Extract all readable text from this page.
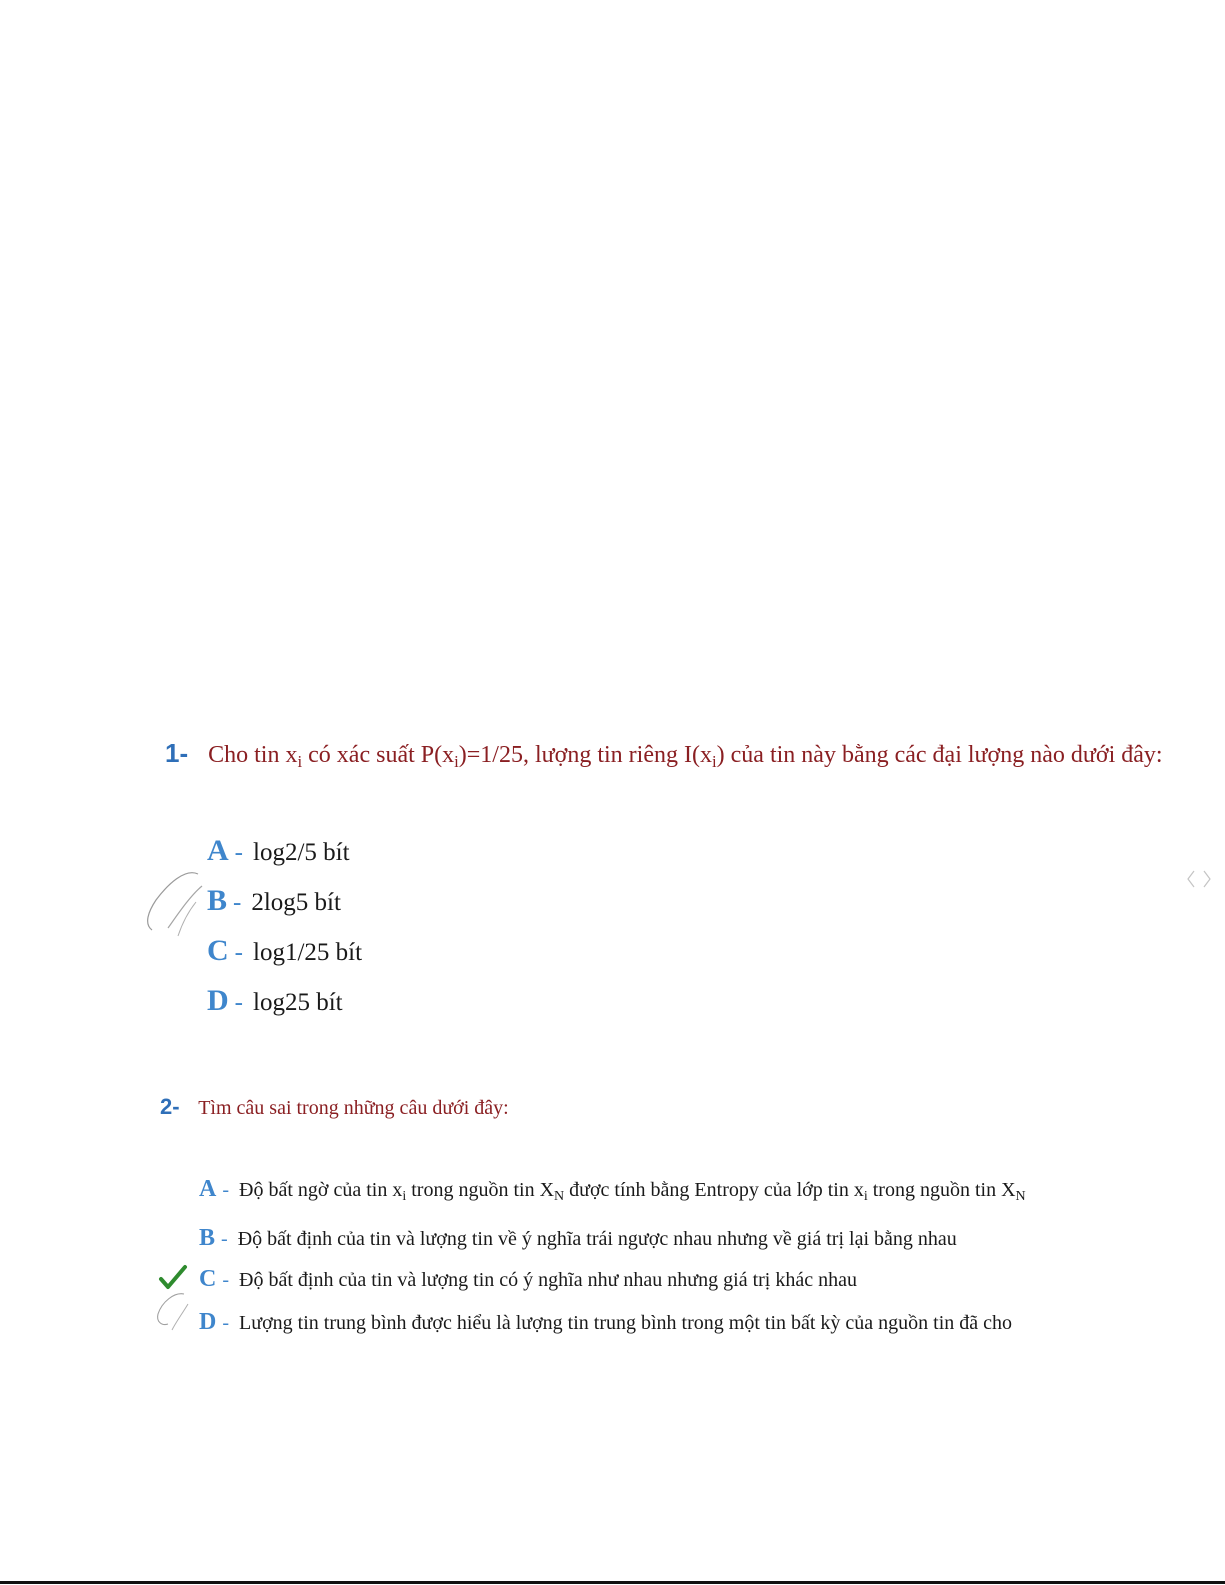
1- Cho tin $x_i$ có xác suất $P(x_i)=1/25$, lượng tin riêng $I(x_i)$ của tin này bằng các đại lượng nào dưới đây:
A - log2/5 bít
B - 2log5 bít
C - log1/25 bít
D - log25 bít
2- Tìm câu sai trong những câu dưới đây:
A - Độ bất ngờ của tin $x_i$ trong nguồn tin $X_N$ được tính bằng Entropy của lớp tin $x_i$ trong nguồn tin $X_N$
B - Độ bất định của tin và lượng tin về ý nghĩa trái ngược nhau nhưng về giá trị lại bằng nhau
C - Độ bất định của tin và lượng tin có ý nghĩa như nhau nhưng giá trị khác nhau
D - Lượng tin trung bình được hiểu là lượng tin trung bình trong một tin bất kỳ của nguồn tin đã cho
